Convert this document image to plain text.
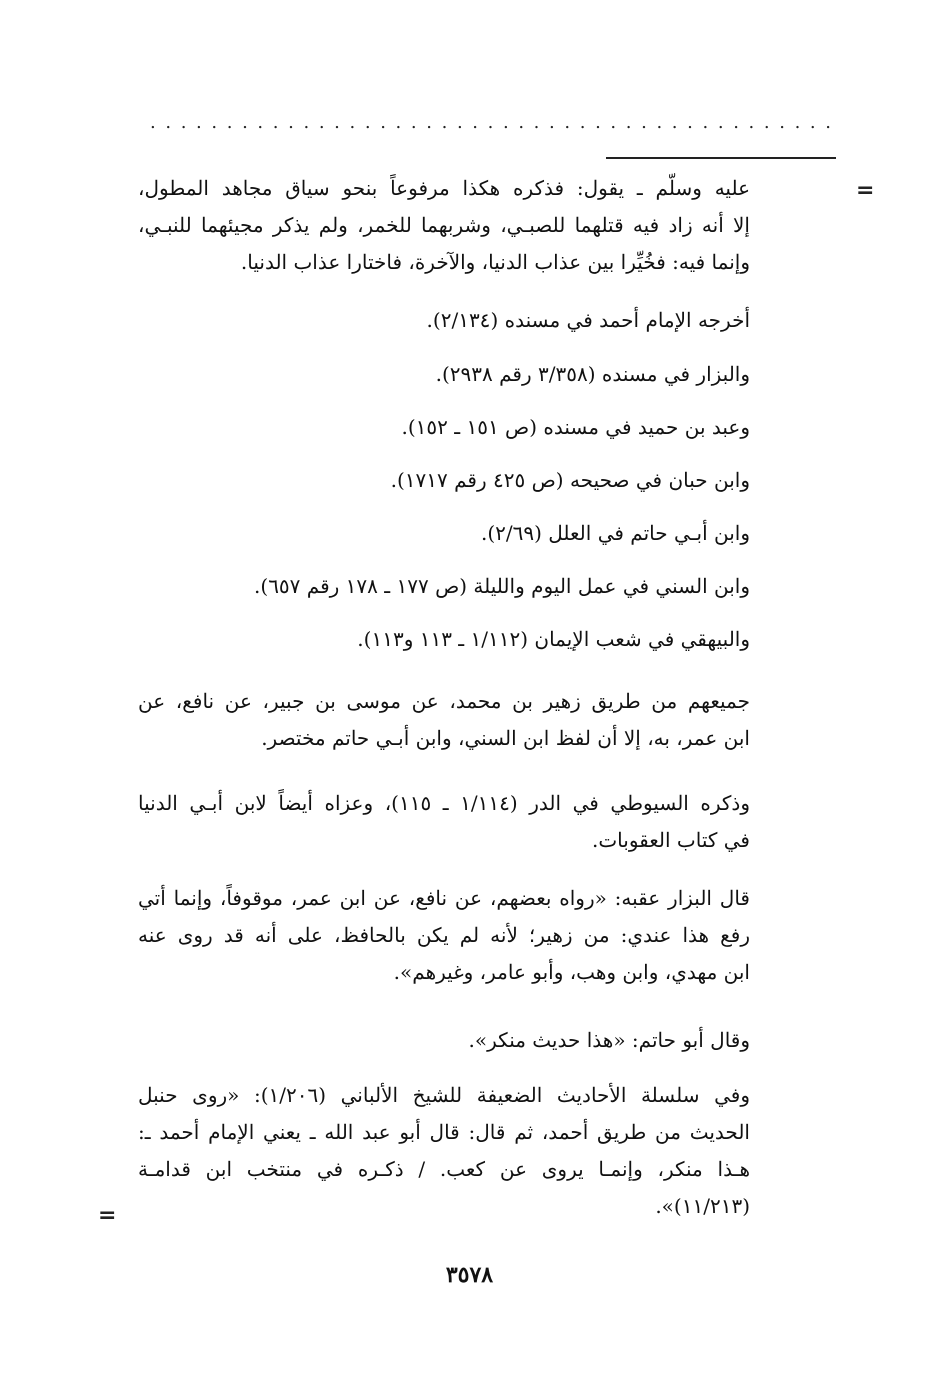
. . . . . . . . . . . . . . . . . . . . . . . . . . . . . . . . . . . . . . . . . . . . .
=
=
عليه وسلّم ـ يقول: فذكره هكذا مرفوعاً بنحو سياق مجاهد المطول،
إلا أنه زاد فيه قتلهما للصبـي، وشربهما للخمر، ولم يذكر مجيئهما للنبـي،
وإنما فيه: فخُيِّرا بين عذاب الدنيا، والآخرة، فاختارا عذاب الدنيا.
أخرجه الإمام أحمد في مسنده (٢/١٣٤).
والبزار في مسنده (٣/٣٥٨ رقم ٢٩٣٨).
وعبد بن حميد في مسنده (ص ١٥١ ـ ١٥٢).
وابن حبان في صحيحه (ص ٤٢٥ رقم ١٧١٧).
وابن أبـي حاتم في العلل (٢/٦٩).
وابن السني في عمل اليوم والليلة (ص ١٧٧ ـ ١٧٨ رقم ٦٥٧).
والبيهقي في شعب الإيمان (١/١١٢ ـ ١١٣ و١١٣).
جميعهم من طريق زهير بن محمد، عن موسى بن جبير، عن نافع، عن
ابن عمر، به، إلا أن لفظ ابن السني، وابن أبـي حاتم مختصر.
وذكره السيوطي في الدر (١/١١٤ ـ ١١٥)، وعزاه أيضاً لابن أبـي الدنيا
في كتاب العقوبات.
قال البزار عقبه: «رواه بعضهم، عن نافع، عن ابن عمر، موقوفاً، وإنما أتي
رفع هذا عندي: من زهير؛ لأنه لم يكن بالحافظ، على أنه قد روى عنه
ابن مهدي، وابن وهب، وأبو عامر، وغيرهم».
وقال أبو حاتم: «هذا حديث منكر».
وفي سلسلة الأحاديث الضعيفة للشيخ الألباني (١/٢٠٦): «روى حنبل
الحديث من طريق أحمد، ثم قال: قال أبو عبد الله ـ يعني الإمام أحمد ـ:
هـذا منكر، وإنمـا يروى عن كعب. / ذكـره في منتخب ابن قدامـة
(١١/٢١٣)».
٣٥٧٨
